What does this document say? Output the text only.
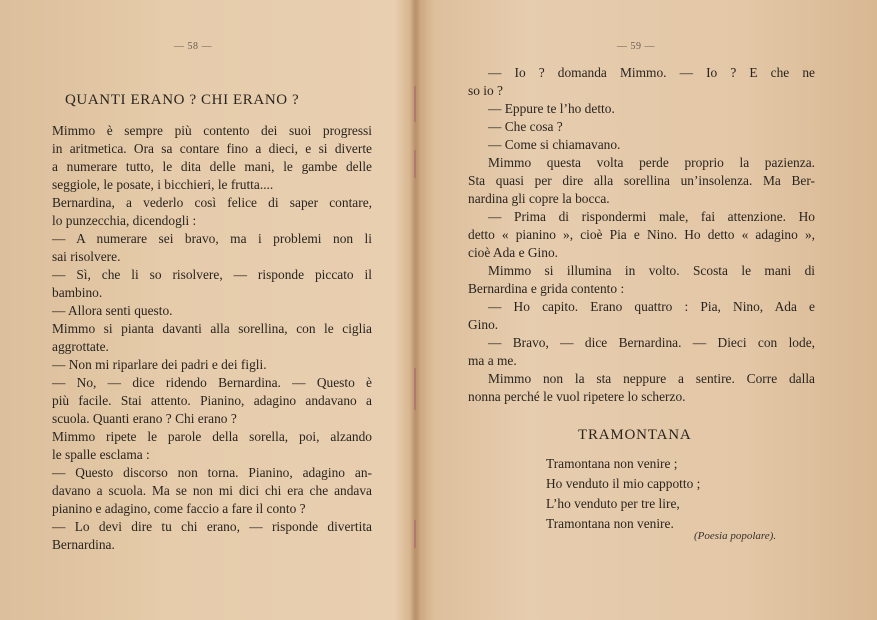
— 58 —
QUANTI ERANO ? CHI ERANO ?
Mimmo è sempre più contento dei suoi progressi
in aritmetica. Ora sa contare fino a dieci, e si diverte
a numerare tutto, le dita delle mani, le gambe delle
seggiole, le posate, i bicchieri, le frutta....
Bernardina, a vederlo così felice di saper contare,
lo punzecchia, dicendogli :
— A numerare sei bravo, ma i problemi non li
sai risolvere.
— Sì, che li so risolvere, — risponde piccato il
bambino.
— Allora senti questo.
Mimmo si pianta davanti alla sorellina, con le ciglia
aggrottate.
— Non mi riparlare dei padri e dei figli.
— No, — dice ridendo Bernardina. — Questo è
più facile. Stai attento. Pianino, adagino andavano a
scuola. Quanti erano ? Chi erano ?
Mimmo ripete le parole della sorella, poi, alzando
le spalle esclama :
— Questo discorso non torna. Pianino, adagino an-
davano a scuola. Ma se non mi dici chi era che andava
pianino e adagino, come faccio a fare il conto ?
— Lo devi dire tu chi erano, — risponde divertita
Bernardina.
— 59 —
— Io ? domanda Mimmo. — Io ? E che ne
so io ?
— Eppure te l’ho detto.
— Che cosa ?
— Come si chiamavano.
Mimmo questa volta perde proprio la pazienza.
Sta quasi per dire alla sorellina un’insolenza. Ma Ber-
nardina gli copre la bocca.
— Prima di rispondermi male, fai attenzione. Ho
detto « pianino », cioè Pia e Nino. Ho detto « adagino »,
cioè Ada e Gino.
Mimmo si illumina in volto. Scosta le mani di
Bernardina e grida contento :
— Ho capito. Erano quattro : Pia, Nino, Ada e
Gino.
— Bravo, — dice Bernardina. — Dieci con lode,
ma a me.
Mimmo non la sta neppure a sentire. Corre dalla
nonna perché le vuol ripetere lo scherzo.
TRAMONTANA
Tramontana non venire ;
Ho venduto il mio cappotto ;
L’ho venduto per tre lire,
Tramontana non venire.
(Poesia popolare).
